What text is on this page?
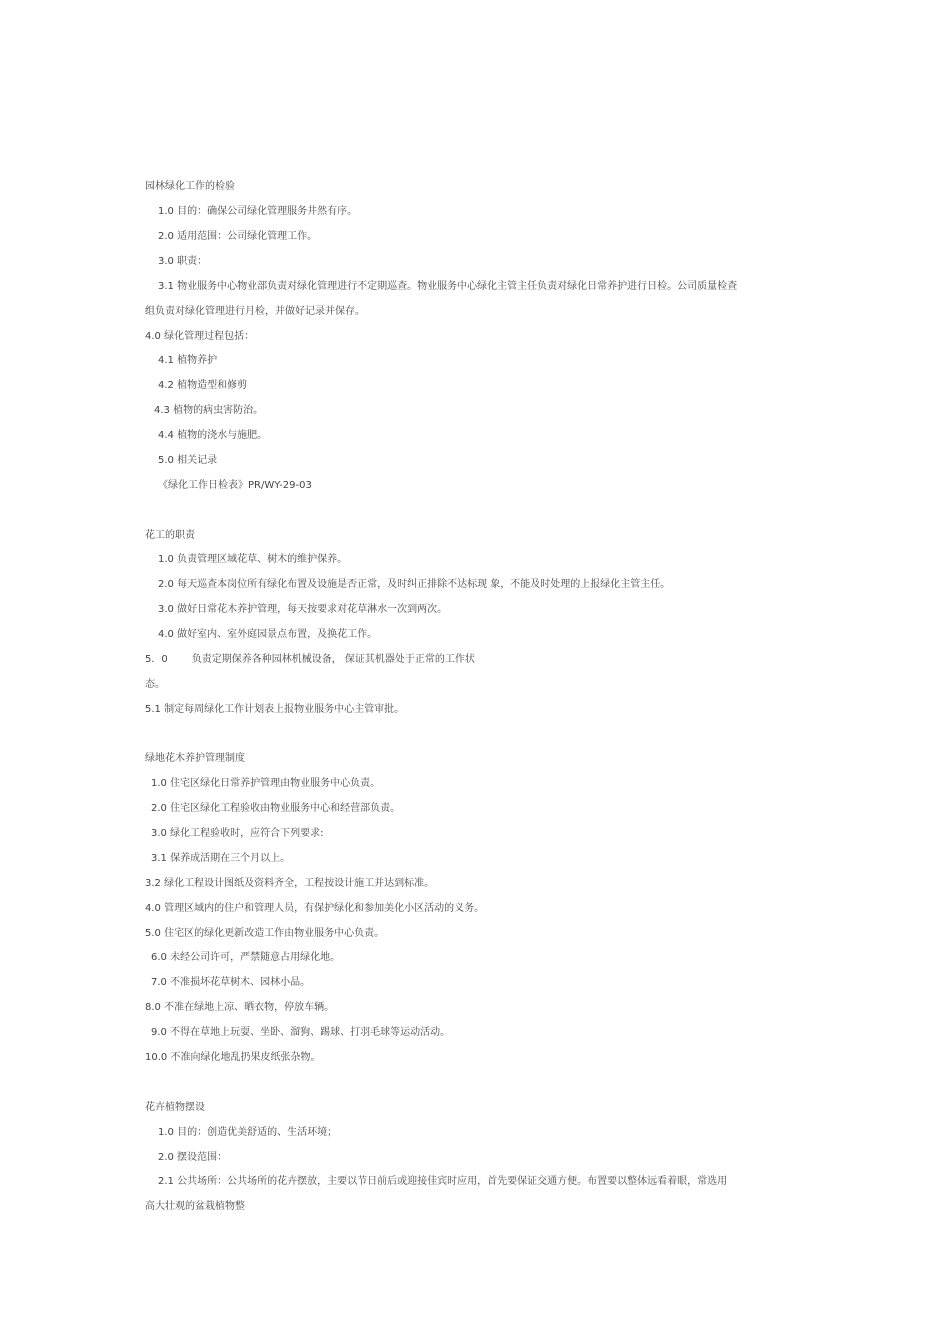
园林绿化工作的检验
1.0 目的：确保公司绿化管理服务井然有序。
2.0 适用范围：公司绿化管理工作。
3.0 职责：
3.1 物业服务中心物业部负责对绿化管理进行不定期巡查。物业服务中心绿化主管主任负责对绿化日常养护进行日检。公司质量检查
组负责对绿化管理进行月检，并做好记录并保存。
4.0 绿化管理过程包括：
4.1 植物养护
4.2 植物造型和修剪
4.3 植物的病虫害防治。
4.4 植物的浇水与施肥。
5.0 相关记录
《绿化工作日检表》PR/WY-29-03
花工的职责
1.0 负责管理区域花草、树木的维护保养。
2.0 每天巡查本岗位所有绿化布置及设施是否正常，及时纠正排除不达标现 象，不能及时处理的上报绿化主管主任。
3.0 做好日常花木养护管理，每天按要求对花草淋水一次到两次。
4.0 做好室内、室外庭园景点布置，及换花工作。
5．0 负责定期保养各种园林机械设备， 保证其机器处于正常的工作状
态。
5.1 制定每周绿化工作计划表上报物业服务中心主管审批。
绿地花木养护管理制度
1.0 住宅区绿化日常养护管理由物业服务中心负责。
2.0 住宅区绿化工程验收由物业服务中心和经营部负责。
3.0 绿化工程验收时，应符合下列要求:
3.1 保养成活期在三个月以上。
3.2 绿化工程设计图纸及资料齐全，工程按设计施工并达到标准。
4.0 管理区域内的住户和管理人员，有保护绿化和参加美化小区活动的义务。
5.0 住宅区的绿化更新改造工作由物业服务中心负责。
6.0 未经公司许可，严禁随意占用绿化地。
7.0 不准损坏花草树木、园林小品。
8.0 不准在绿地上凉、晒衣物，停放车辆。
9.0 不得在草地上玩耍、坐卧、溜狗、踢球、打羽毛球等运动活动。
10.0 不准向绿化地乱扔果皮纸张杂物。
花卉植物摆设
1.0 目的：创造优美舒适的、生活环境；
2.0 摆设范围：
2.1 公共场所：公共场所的花卉摆放，主要以节日前后或迎接佳宾时应用，首先要保证交通方便。布置要以整体远看着眼，常选用
高大壮观的盆栽植物整
